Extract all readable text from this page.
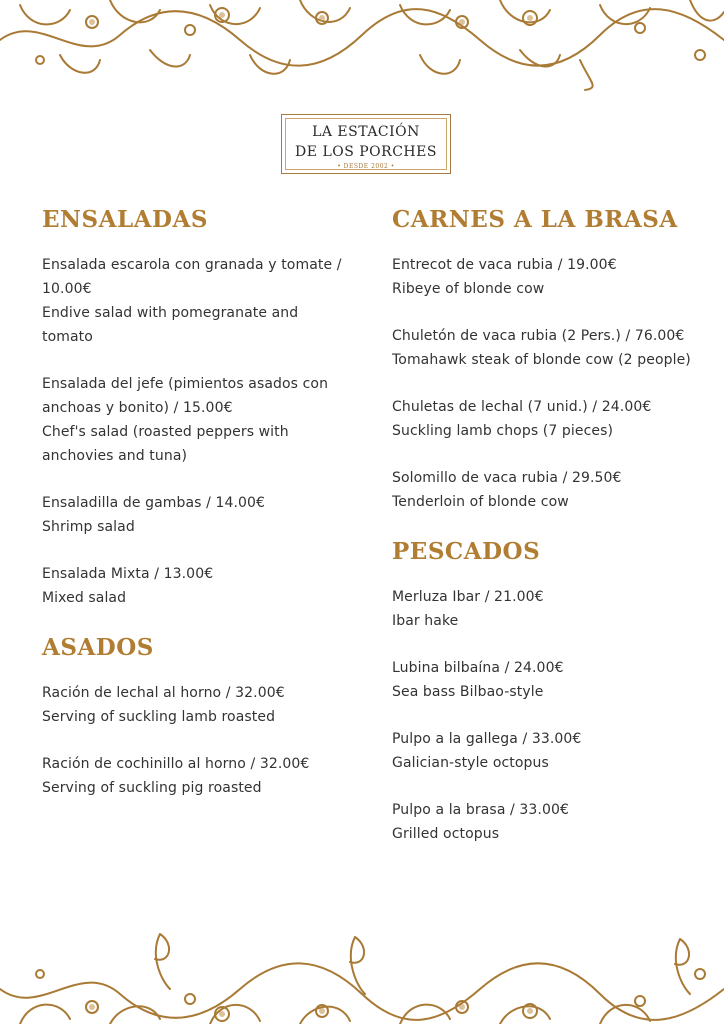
LA ESTACIÓN
DE LOS PORCHES
• DESDE 2002 •
ENSALADAS
Ensalada escarola con granada y tomate / 10.00€
Endive salad with pomegranate and tomato
Ensalada del jefe (pimientos asados con anchoas y bonito) / 15.00€
Chef's salad (roasted peppers with anchovies and tuna)
Ensaladilla de gambas / 14.00€
Shrimp salad
Ensalada Mixta / 13.00€
Mixed salad
ASADOS
Ración de lechal al horno / 32.00€
Serving of suckling lamb roasted
Ración de cochinillo al horno / 32.00€
Serving of suckling pig roasted
CARNES A LA BRASA
Entrecot de vaca rubia / 19.00€
Ribeye of blonde cow
Chuletón de vaca rubia (2 Pers.) / 76.00€
Tomahawk steak of blonde cow (2 people)
Chuletas de lechal (7 unid.) / 24.00€
Suckling lamb chops (7 pieces)
Solomillo de vaca rubia / 29.50€
Tenderloin of blonde cow
PESCADOS
Merluza Ibar / 21.00€
Ibar hake
Lubina bilbaína / 24.00€
Sea bass Bilbao-style
Pulpo a la gallega / 33.00€
Galician-style octopus
Pulpo a la brasa / 33.00€
Grilled octopus
